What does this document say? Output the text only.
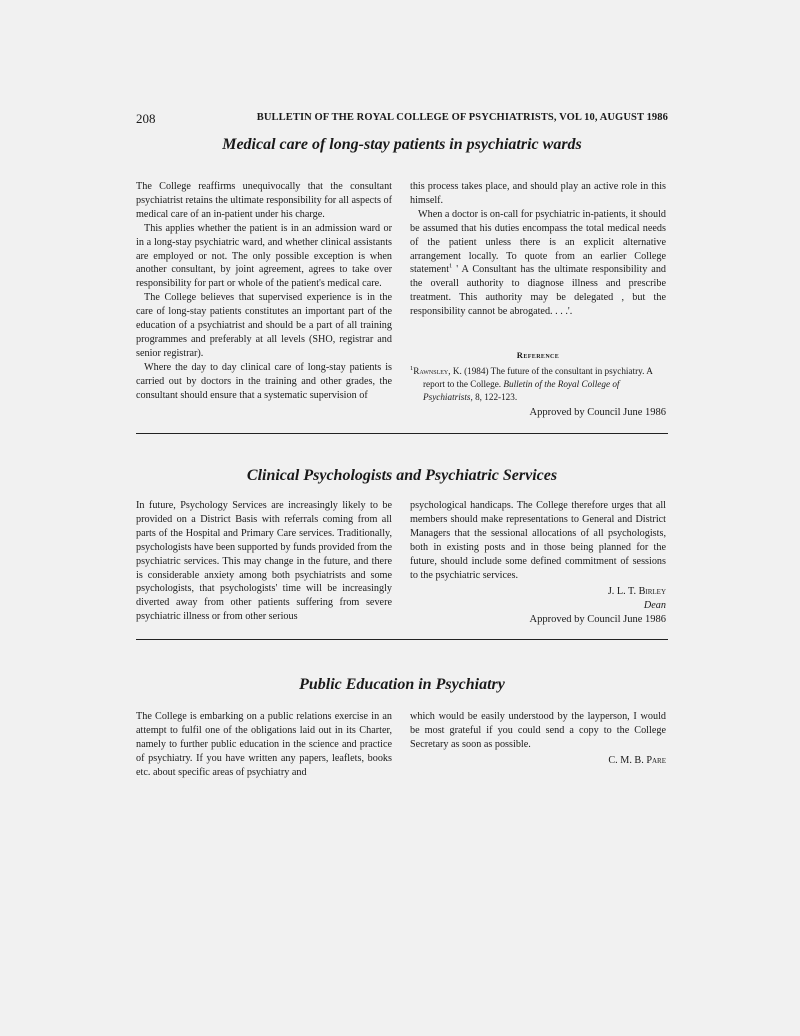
208	BULLETIN OF THE ROYAL COLLEGE OF PSYCHIATRISTS, VOL 10, AUGUST 1986
Medical care of long-stay patients in psychiatric wards

The College reaffirms unequivocally that the consultant psychiatrist retains the ultimate responsibility for all aspects of medical care of an in-patient under his charge.

This applies whether the patient is in an admission ward or in a long-stay psychiatric ward, and whether clinical assistants are employed or not. The only possible exception is when another consultant, by joint agreement, agrees to take over responsibility for part or whole of the patient's medical care.

The College believes that supervised experience is in the care of long-stay patients constitutes an important part of the education of a psychiatrist and should be a part of all training programmes and preferably at all levels (SHO, registrar and senior registrar).

Where the day to day clinical care of long-stay patients is carried out by doctors in the training and other grades, the consultant should ensure that a systematic supervision of

this process takes place, and should play an active role in this himself.

When a doctor is on-call for psychiatric in-patients, it should be assumed that his duties encompass the total medical needs of the patient unless there is an explicit alternative arrangement locally. To quote from an earlier College statement$^1$ ' A Consultant has the ultimate responsibility and the overall authority to diagnose illness and prescribe treatment. This authority may be delegated , but the responsibility cannot be abrogated. . . .'.

Reference
$^1$Rawnsley, K. (1984) The future of the consultant in psychiatry. A report to the College. Bulletin of the Royal College of Psychiatrists, 8, 122-123.
Approved by Council June 1986
Clinical Psychologists and Psychiatric Services

In future, Psychology Services are increasingly likely to be provided on a District Basis with referrals coming from all parts of the Hospital and Primary Care services. Traditionally, psychologists have been supported by funds provided from the psychiatric services. This may change in the future, and there is considerable anxiety among both psychiatrists and some psychologists, that psychologists' time will be increasingly diverted away from other patients suffering from severe psychiatric illness or from other serious

psychological handicaps. The College therefore urges that all members should make representations to General and District Managers that the sessional allocations of all psychologists, both in existing posts and in those being planned for the future, should include some defined commitment of sessions to the psychiatric services.

J. L. T. Birley
Dean
Approved by Council June 1986
Public Education in Psychiatry

The College is embarking on a public relations exercise in an attempt to fulfil one of the obligations laid out in its Charter, namely to further public education in the science and practice of psychiatry. If you have written any papers, leaflets, books etc. about specific areas of psychiatry and

which would be easily understood by the layperson, I would be most grateful if you could send a copy to the College Secretary as soon as possible.

C. M. B. Pare
